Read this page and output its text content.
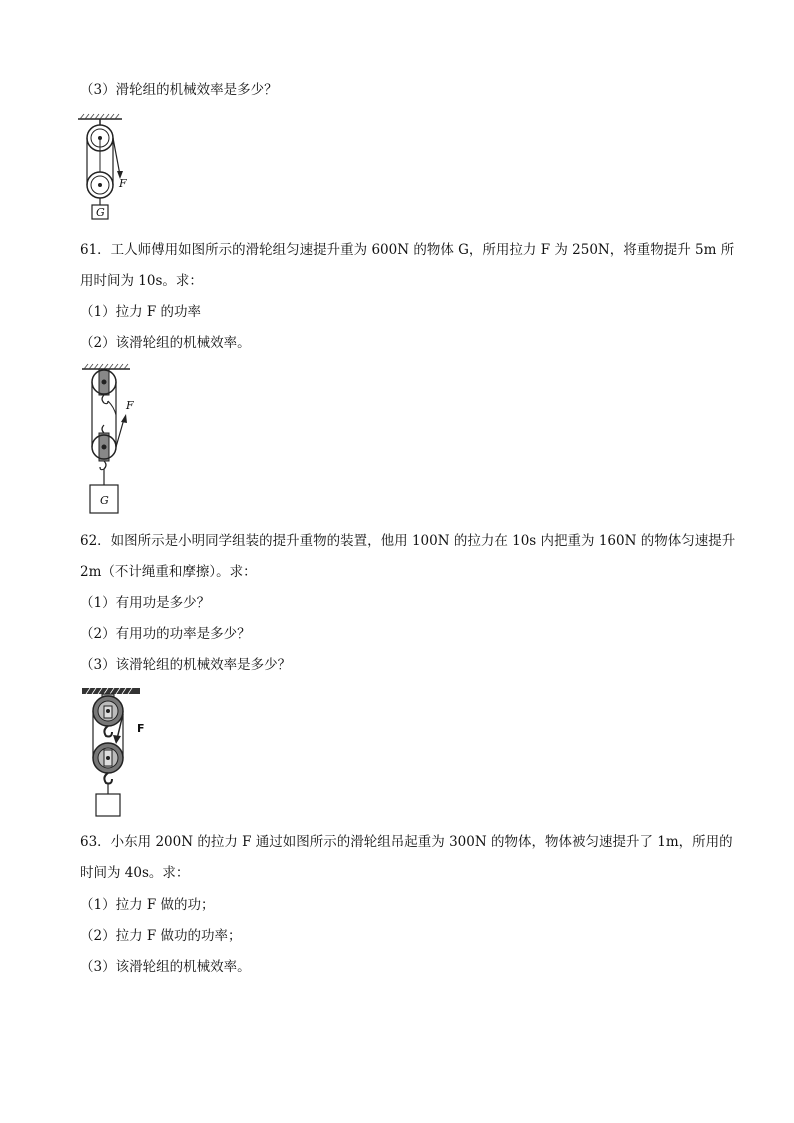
（3）滑轮组的机械效率是多少？
F
G
61．工人师傅用如图所示的滑轮组匀速提升重为 600N 的物体 G，所用拉力 F 为 250N，将重物提升 5m 所
用时间为 10s。求：
（1）拉力 F 的功率
（2）该滑轮组的机械效率。
F
G
62．如图所示是小明同学组装的提升重物的装置，他用 100N 的拉力在 10s 内把重为 160N 的物体匀速提升
2m（不计绳重和摩擦）。求：
（1）有用功是多少？
（2）有用功的功率是多少？
（3）该滑轮组的机械效率是多少？
F
63．小东用 200N 的拉力 F 通过如图所示的滑轮组吊起重为 300N 的物体，物体被匀速提升了 1m，所用的
时间为 40s。求：
（1）拉力 F 做的功；
（2）拉力 F 做功的功率；
（3）该滑轮组的机械效率。
